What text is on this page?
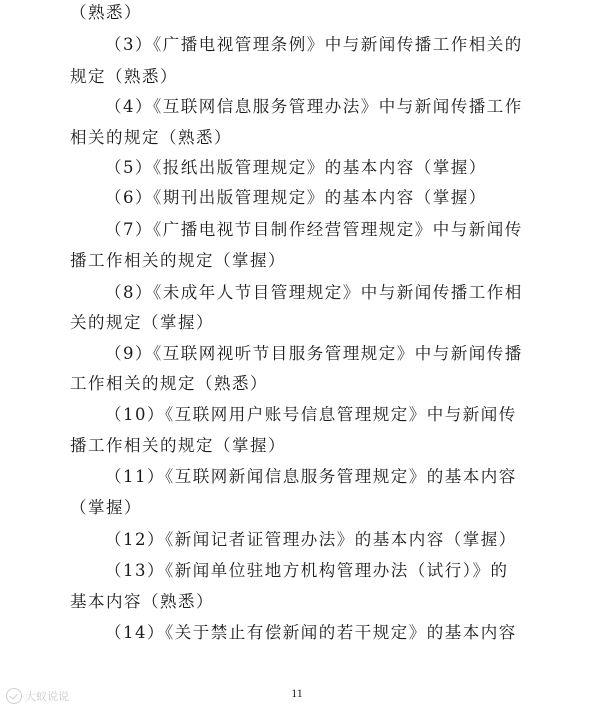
（熟悉）
（3）《广播电视管理条例》中与新闻传播工作相关的
规定（熟悉）
（4）《互联网信息服务管理办法》中与新闻传播工作
相关的规定（熟悉）
（5）《报纸出版管理规定》的基本内容（掌握）
（6）《期刊出版管理规定》的基本内容（掌握）
（7）《广播电视节目制作经营管理规定》中与新闻传
播工作相关的规定（掌握）
（8）《未成年人节目管理规定》中与新闻传播工作相
关的规定（掌握）
（9）《互联网视听节目服务管理规定》中与新闻传播
工作相关的规定（熟悉）
（10）《互联网用户账号信息管理规定》中与新闻传
播工作相关的规定（掌握）
（11）《互联网新闻信息服务管理规定》的基本内容
（掌握）
（12）《新闻记者证管理办法》的基本内容（掌握）
（13）《新闻单位驻地方机构管理办法（试行）》的
基本内容（熟悉）
（14）《关于禁止有偿新闻的若干规定》的基本内容
11
大蚁说说
